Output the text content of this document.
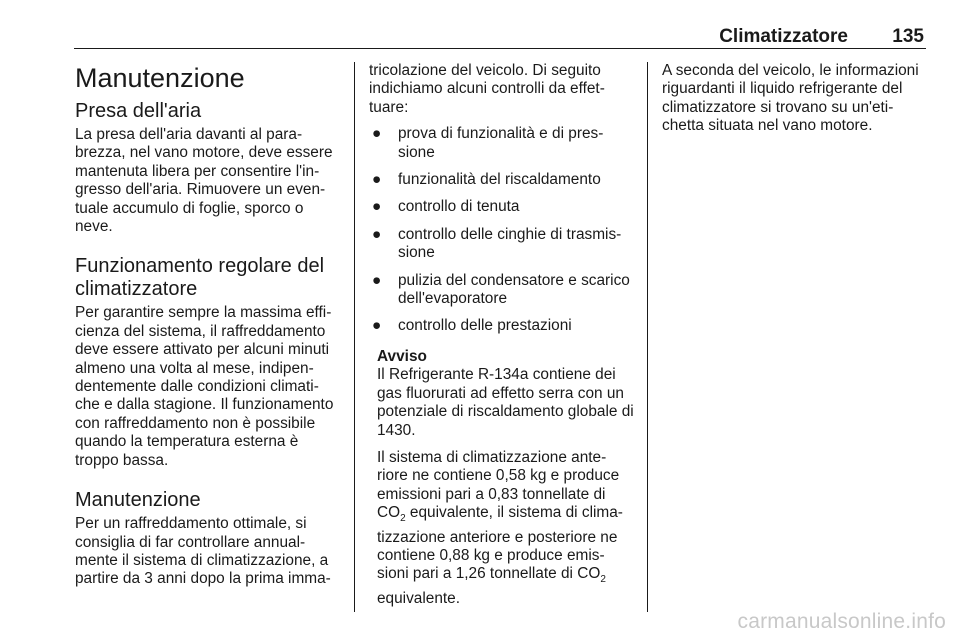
Climatizzatore 135
Manutenzione
Presa dell'aria

La presa dell'aria davanti al para-brezza, nel vano motore, deve essere mantenuta libera per consentire l'in-gresso dell'aria. Rimuovere un even-tuale accumulo di foglie, sporco o neve.

Funzionamento regolare del climatizzatore

Per garantire sempre la massima effi-cienza del sistema, il raffreddamento deve essere attivato per alcuni minuti almeno una volta al mese, indipen-dentemente dalle condizioni climati-che e dalla stagione. Il funzionamento con raffreddamento non è possibile quando la temperatura esterna è troppo bassa.

Manutenzione

Per un raffreddamento ottimale, si consiglia di far controllare annual-mente il sistema di climatizzazione, a partire da 3 anni dopo la prima imma-

tricolazione del veicolo. Di seguito indichiamo alcuni controlli da effet-tuare:

● prova di funzionalità e di pres-sione
● funzionalità del riscaldamento
● controllo di tenuta
● controllo delle cinghie di trasmis-sione
● pulizia del condensatore e scarico dell'evaporatore
● controllo delle prestazioni
Avviso

Il Refrigerante R-134a contiene dei gas fluorurati ad effetto serra con un potenziale di riscaldamento globale di 1430.

Il sistema di climatizzazione ante-riore ne contiene 0,58 kg e produce emissioni pari a 0,83 tonnellate di $CO_2$ equivalente, il sistema di clima-tizzazione anteriore e posteriore ne contiene 0,88 kg e produce emis-sioni pari a 1,26 tonnellate di $CO_2$ equivalente.

A seconda del veicolo, le informazioni riguardanti il liquido refrigerante del climatizzatore si trovano su un'eti-chetta situata nel vano motore.

carmanualsonline.info
